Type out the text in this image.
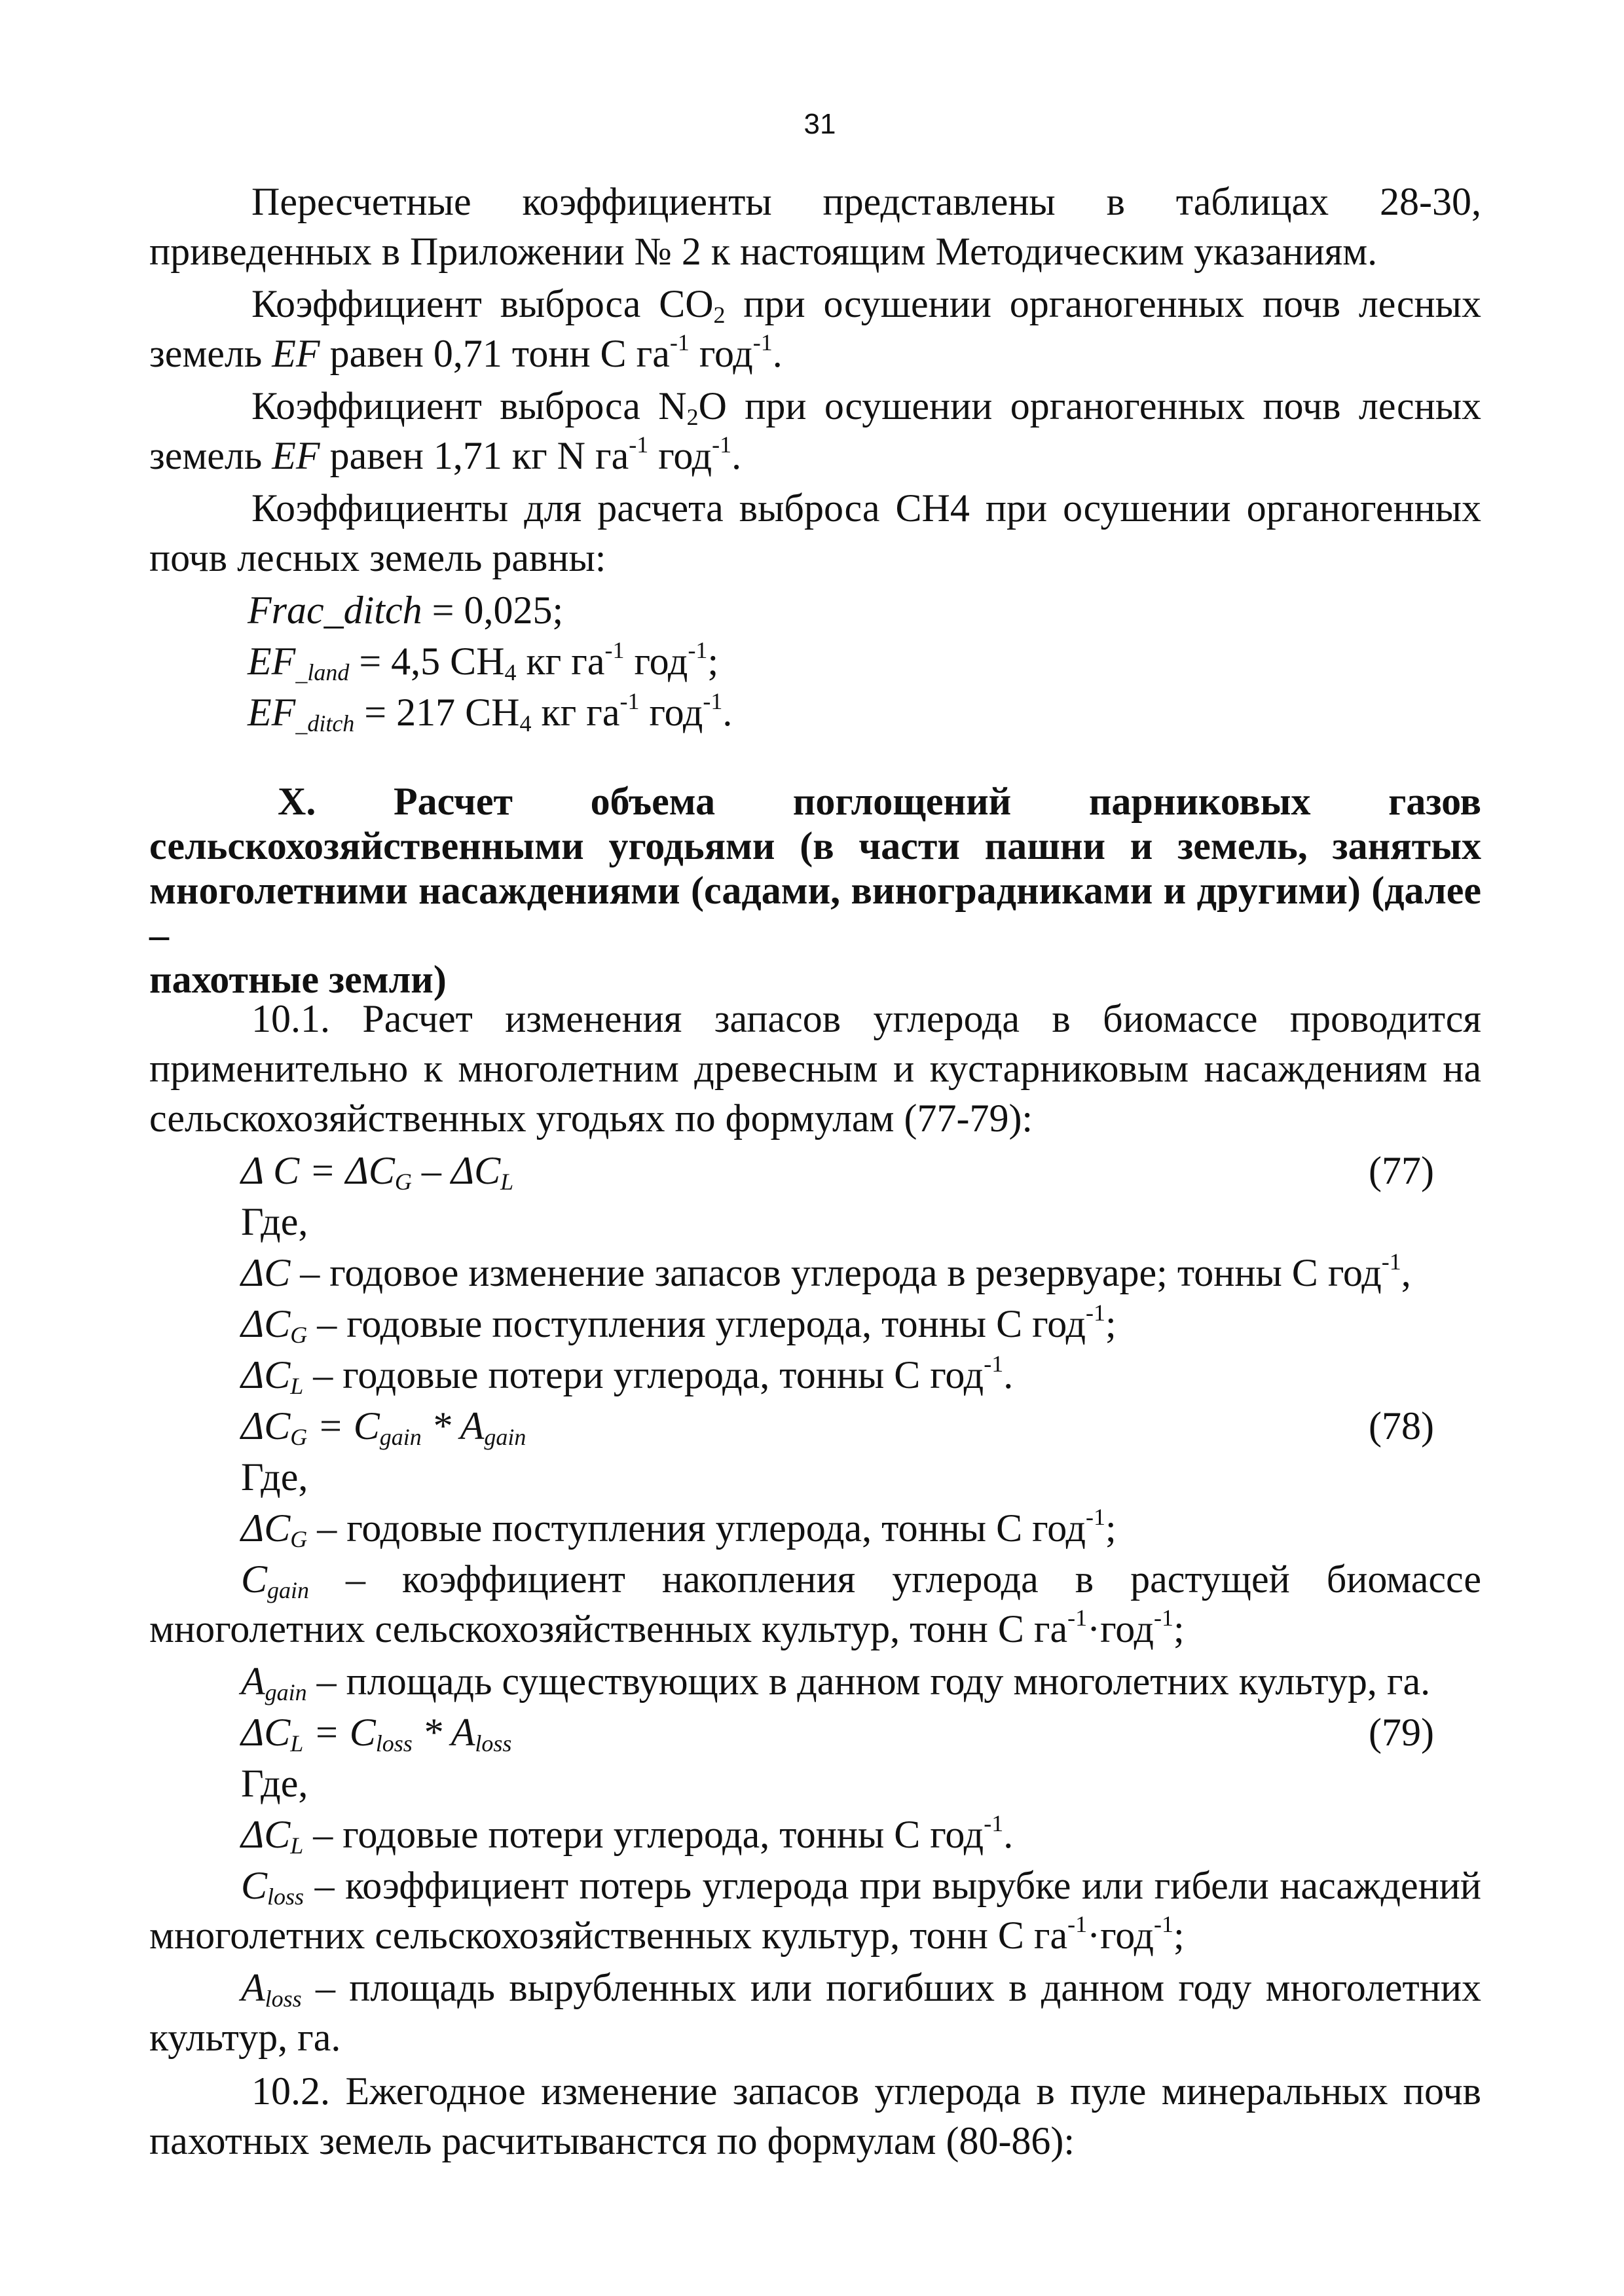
31

Пересчетные коэффициенты представлены в таблицах 28-30, приведенных в Приложении № 2 к настоящим Методическим указаниям.

Коэффициент выброса $CO_2$ при осушении органогенных почв лесных земель EF равен 0,71 тонн С $га^{-1}$ год$^{-1}$.

Коэффициент выброса $N_2O$ при осушении органогенных почв лесных земель EF равен 1,71 кг N $га^{-1}$ год$^{-1}$.

Коэффициенты для расчета выброса CH4 при осушении органогенных почв лесных земель равны:

Frac_ditch = 0,025;
$EF_{\_land} = 4,5$ $CH_4$ кг $га^{-1}$ год$^{-1}$;
$EF_{\_ditch} = 217$ $CH_4$ кг $га^{-1}$ год$^{-1}$.
X. Расчет объема поглощений парниковых газов
сельскохозяйственными угодьями (в части пашни и земель, занятых
многолетними насаждениями (садами, виноградниками и другими) (далее –
пахотные земли)

10.1. Расчет изменения запасов углерода в биомассе проводится применительно к многолетним древесным и кустарниковым насаждениям на сельскохозяйственных угодьях по формулам (77-79):

Δ $C = \Delta C_G - \Delta C_L$	(77)
Где,
ΔC – годовое изменение запасов углерода в резервуаре; тонны С год$^{-1}$,
$\Delta C_G$ – годовые поступления углерода, тонны С год$^{-1}$;
$\Delta C_L$ – годовые потери углерода, тонны С год$^{-1}$.
$\Delta C_G = C_{gain} * A_{gain}$	(78)
Где,
$\Delta C_G$ – годовые поступления углерода, тонны С год$^{-1}$;

$C_{gain}$ – коэффициент накопления углерода в растущей биомассе многолетних сельскохозяйственных культур, тонн С $га^{-1}\cdot год^{-1}$;

$A_{gain}$ – площадь существующих в данном году многолетних культур, га.
$\Delta C_L = C_{loss} * A_{loss}$	(79)
Где,
$\Delta C_L$ – годовые потери углерода, тонны С год$^{-1}$.

$C_{loss}$ – коэффициент потерь углерода при вырубке или гибели насаждений многолетних сельскохозяйственных культур, тонн С $га^{-1}\cdot год^{-1}$;

$A_{loss}$ – площадь вырубленных или погибших в данном году многолетних культур, га.

10.2. Ежегодное изменение запасов углерода в пуле минеральных почв пахотных земель расчитыванстся по формулам (80-86):
